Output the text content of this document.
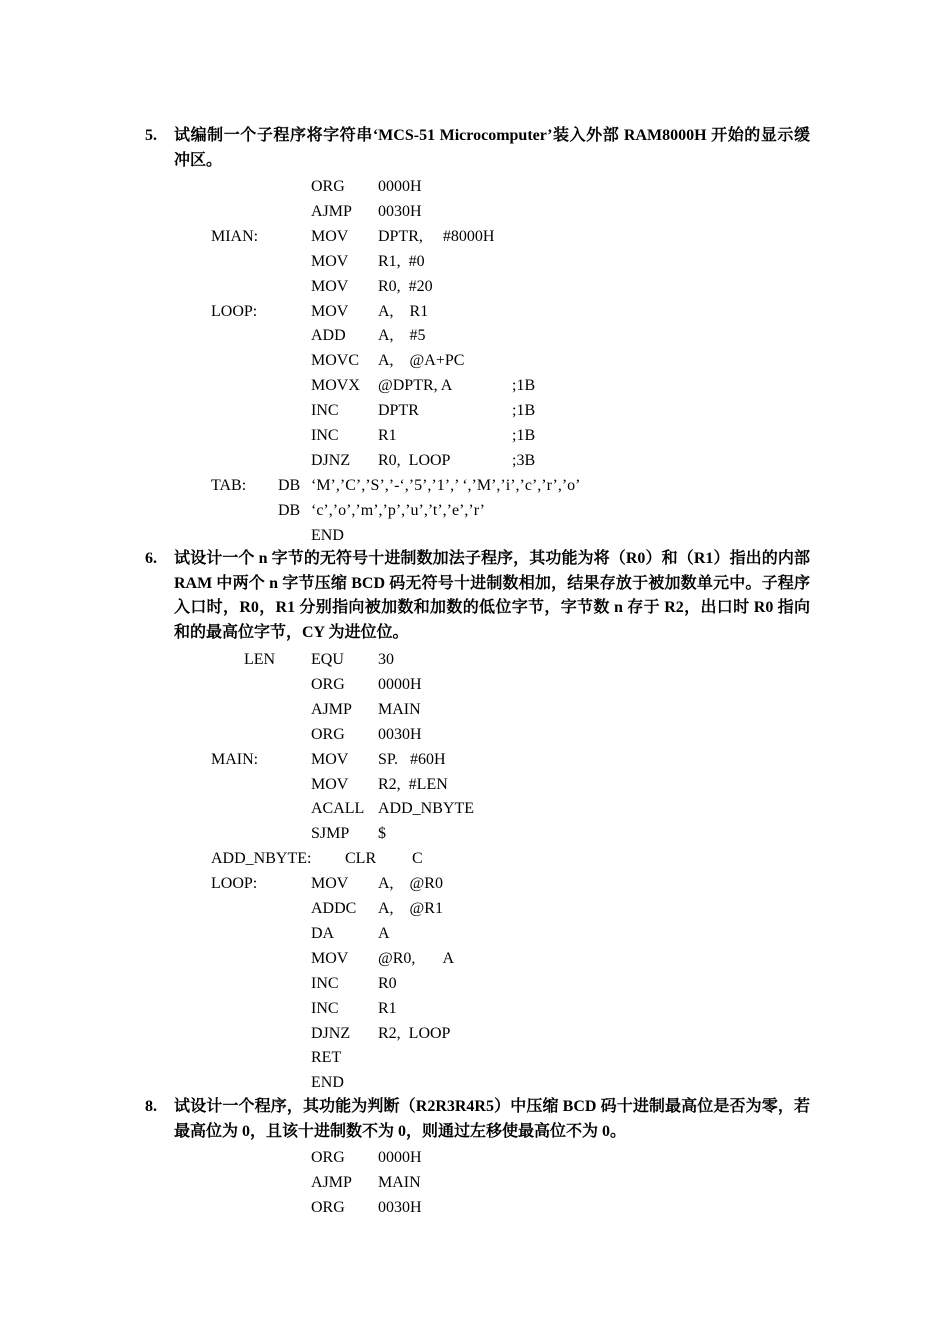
5. 试编制一个子程序将字符串‘MCS-51 Microcomputer’装入外部 RAM8000H 开始的显示缓冲区。
ORG 0000H
AJMP 0030H
MIAN:	MOV DPTR,     #8000H
MOV R1,  #0
MOV R0,  #20
LOOP:	MOV A,    R1
ADD A,    #5
MOVC A,    @A+PC
MOVX @DPTR, A	;1B
INC DPTR	;1B
INC R1	;1B
DJNZ R0,  LOOP	;3B
TAB: DB ‘M’,’C’,’S’,’-‘,’5’,’1’,’ ‘,’M’,’i’,’c’,’r’,’o’
DB ‘c’,’o’,’m’,’p’,’u’,’t’,’e’,’r’
END
6. 试设计一个 n 字节的无符号十进制数加法子程序，其功能为将（R0）和（R1）指出的内部 RAM 中两个 n 字节压缩 BCD 码无符号十进制数相加，结果存放于被加数单元中。子程序入口时，R0，R1 分别指向被加数和加数的低位字节，字节数 n 存于 R2，出口时 R0 指向和的最高位字节，CY 为进位位。
LEN EQU 30
ORG 0000H
AJMP MAIN
ORG 0030H
MAIN:	MOV SP.   #60H
MOV R2,  #LEN
ACALL ADD_NBYTE
SJMP $
ADD_NBYTE: CLR C
LOOP:	MOV A,    @R0
ADDC A,    @R1
DA	A
MOV @R0,       A
INC R0
INC R1
DJNZ R2,  LOOP
RET
END
8. 试设计一个程序，其功能为判断（R2R3R4R5）中压缩 BCD 码十进制最高位是否为零，若最高位为 0，且该十进制数不为 0，则通过左移使最高位不为 0。
ORG 0000H
AJMP MAIN
ORG 0030H
